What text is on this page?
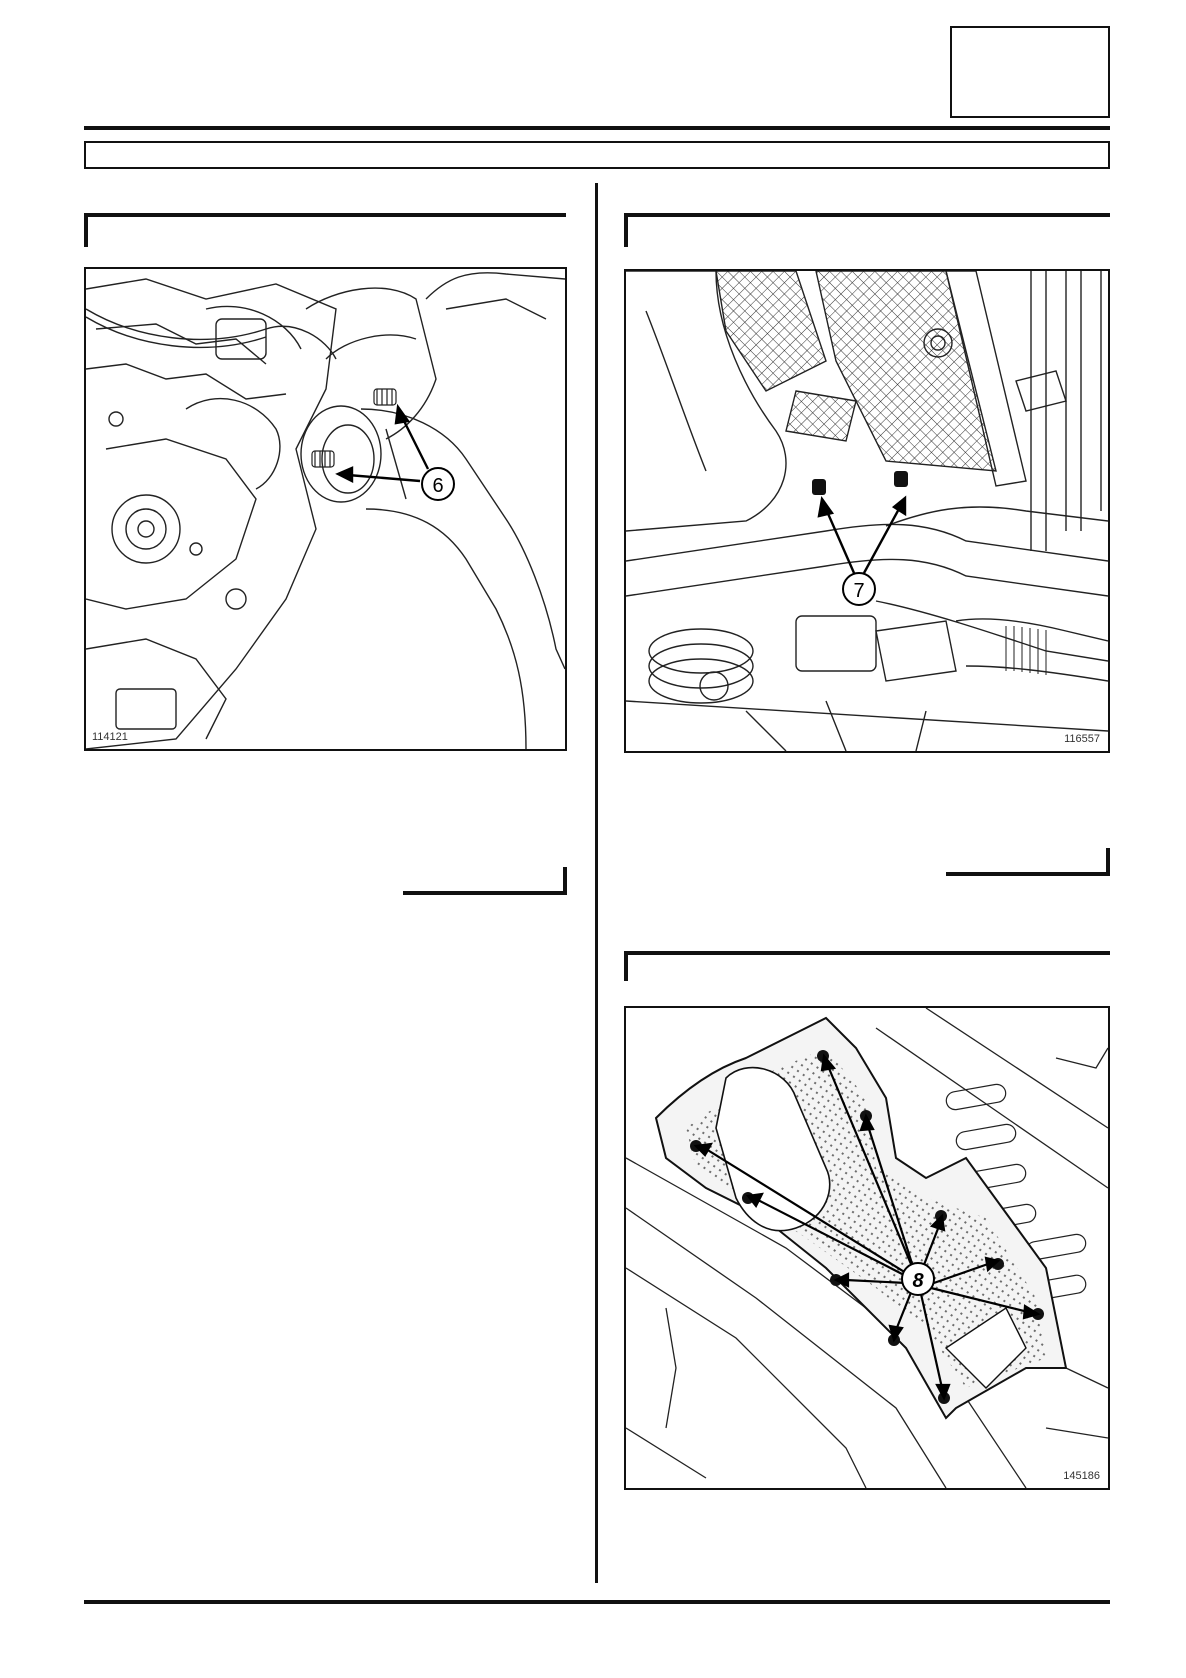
6
114121
7
116557
8
145186
